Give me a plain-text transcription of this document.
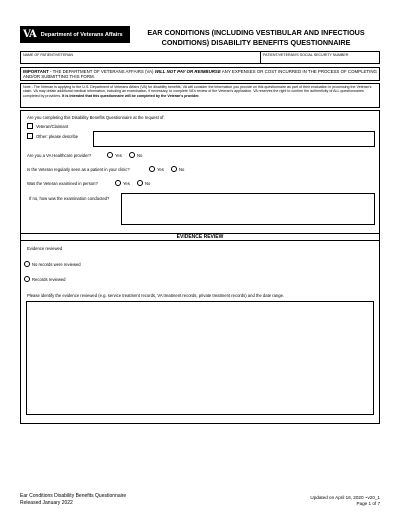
VA Department of Veterans Affairs	EAR CONDITIONS (INCLUDING VESTIBULAR AND INFECTIOUS CONDITIONS) DISABILITY BENEFITS QUESTIONNAIRE
NAME OF PATIENT/VETERAN	PATIENT/VETERAN'S SOCIAL SECURITY NUMBER
IMPORTANT - THE DEPARTMENT OF VETERANS AFFAIRS (VA) WILL NOT PAY OR REIMBURSE ANY EXPENSES OR COST INCURRED IN THE PROCESS OF COMPLETING AND/OR SUBMITTING THIS FORM.
Note - The Veteran is applying to the U.S. Department of Veterans Affairs (VA) for disability benefits. VA will consider the information you provide on this questionnaire as part of their evaluation in processing the Veteran's claim. VA may obtain additional medical information, including an examination, if necessary, to complete VA's review of the Veteran's application. VA reserves the right to confirm the authenticity of ALL questionnaires completed by providers. It is intended that this questionnaire will be completed by the Veteran's provider.
Are you completing this Disability Benefits Questionnaire at the request of:
Veteran/Claimant
Other: please describe
Are you a VA Healthcare provider?	Yes	No
Is the Veteran regularly seen as a patient in your clinic?	Yes	No
Was the Veteran examined in person?	Yes	No
If no, how was the examination conducted?
EVIDENCE REVIEW
Evidence reviewed
No records were reviewed
Records reviewed
Please identify the evidence reviewed (e.g. service treatment records, VA treatment records, private treatment records) and the date range.
Ear Conditions Disability Benefits Questionnaire
Released January 2022
Updated on April 16, 2020 ~v20_1
Page 1 of 7
